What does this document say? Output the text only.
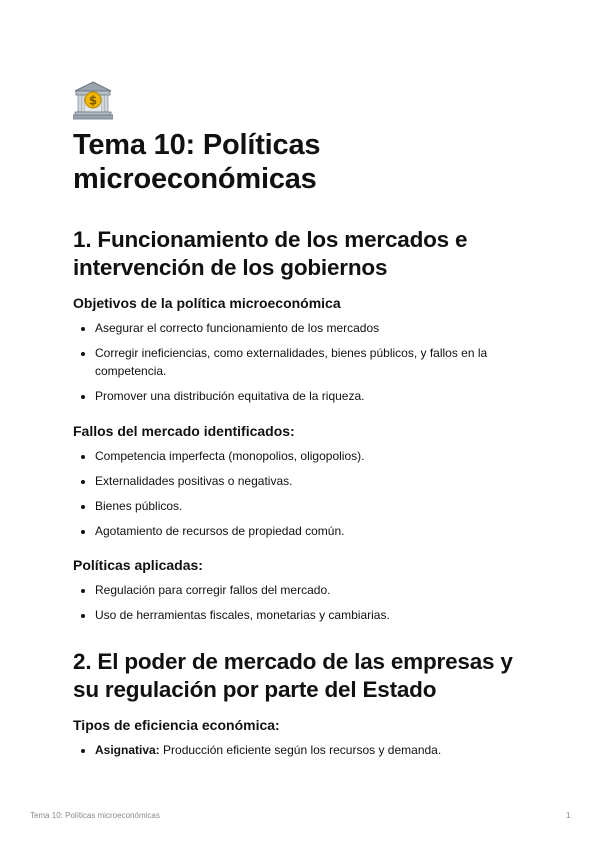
$
Tema 10: Políticas microeconómicas
1. Funcionamiento de los mercados e intervención de los gobiernos
Objetivos de la política microeconómica
Asegurar el correcto funcionamiento de los mercados
Corregir ineficiencias, como externalidades, bienes públicos, y fallos en la competencia.
Promover una distribución equitativa de la riqueza.
Fallos del mercado identificados:
Competencia imperfecta (monopolios, oligopolios).
Externalidades positivas o negativas.
Bienes públicos.
Agotamiento de recursos de propiedad común.
Políticas aplicadas:
Regulación para corregir fallos del mercado.
Uso de herramientas fiscales, monetarias y cambiarias.
2. El poder de mercado de las empresas y su regulación por parte del Estado
Tipos de eficiencia económica:
Asignativa: Producción eficiente según los recursos y demanda.
Tema 10: Políticas microeconómicas	1
